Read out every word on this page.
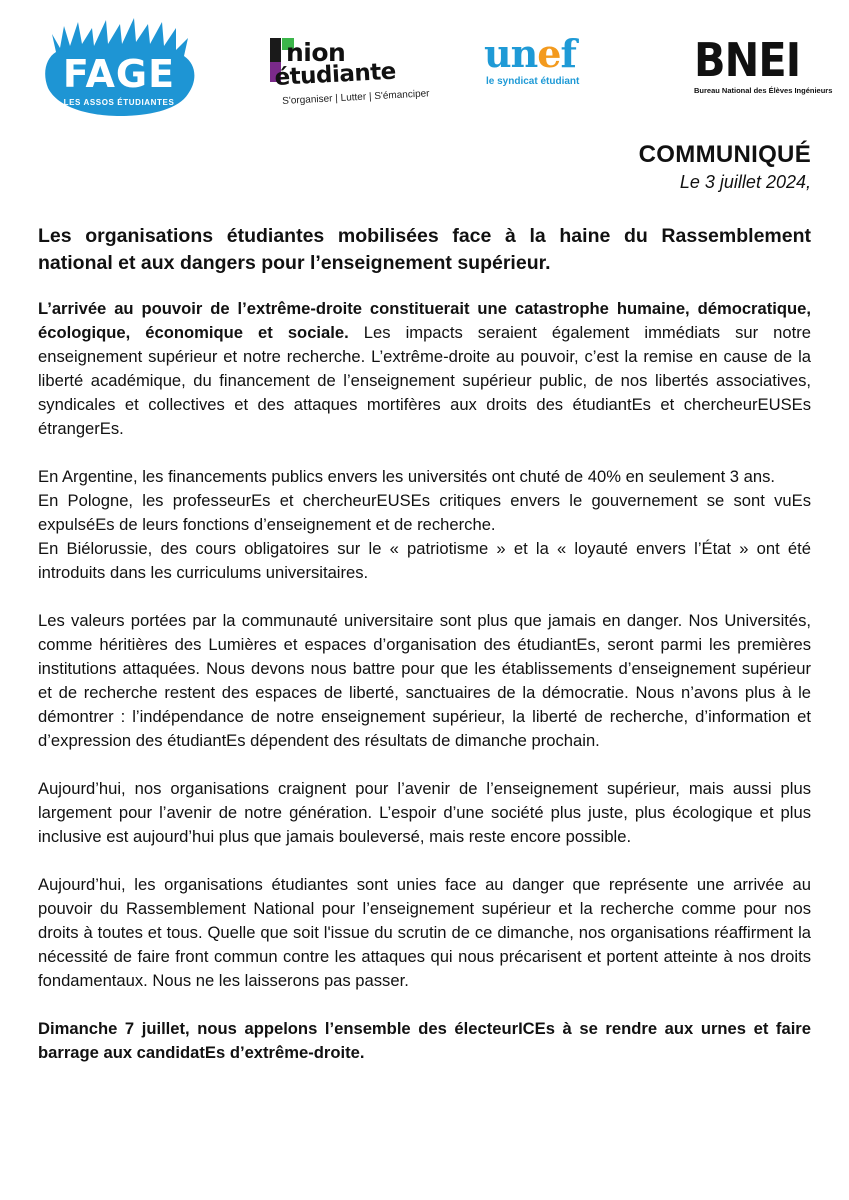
FAGE
LES ASSOS ÉTUDIANTES
nion
étudiante
S'organiser | Lutter | S'émanciper
unef
le syndicat étudiant BNEI
Bureau National des Élèves Ingénieurs
COMMUNIQUÉ
Le 3 juillet 2024,
Les organisations étudiantes mobilisées face à la haine du Rassemblement national et aux dangers pour l’enseignement supérieur.

L’arrivée au pouvoir de l’extrême-droite constituerait une catastrophe humaine, démocratique, écologique, économique et sociale. Les impacts seraient également immédiats sur notre enseignement supérieur et notre recherche. L’extrême-droite au pouvoir, c’est la remise en cause de la liberté académique, du financement de l’enseignement supérieur public, de nos libertés associatives, syndicales et collectives et des attaques mortifères aux droits des étudiantEs et chercheurEUSEs étrangerEs.

En Argentine, les financements publics envers les universités ont chuté de 40% en seulement 3 ans.

En Pologne, les professeurEs et chercheurEUSEs critiques envers le gouvernement se sont vuEs expulséEs de leurs fonctions d’enseignement et de recherche.

En Biélorussie, des cours obligatoires sur le « patriotisme » et la « loyauté envers l’État » ont été introduits dans les curriculums universitaires.

Les valeurs portées par la communauté universitaire sont plus que jamais en danger. Nos Universités, comme héritières des Lumières et espaces d’organisation des étudiantEs, seront parmi les premières institutions attaquées. Nous devons nous battre pour que les établissements d’enseignement supérieur et de recherche restent des espaces de liberté, sanctuaires de la démocratie. Nous n’avons plus à le démontrer : l’indépendance de notre enseignement supérieur, la liberté de recherche, d’information et d’expression des étudiantEs dépendent des résultats de dimanche prochain.

Aujourd’hui, nos organisations craignent pour l’avenir de l’enseignement supérieur, mais aussi plus largement pour l’avenir de notre génération. L’espoir d’une société plus juste, plus écologique et plus inclusive est aujourd’hui plus que jamais bouleversé, mais reste encore possible.

Aujourd’hui, les organisations étudiantes sont unies face au danger que représente une arrivée au pouvoir du Rassemblement National pour l’enseignement supérieur et la recherche comme pour nos droits à toutes et tous. Quelle que soit l'issue du scrutin de ce dimanche, nos organisations réaffirment la nécessité de faire front commun contre les attaques qui nous précarisent et portent atteinte à nos droits fondamentaux. Nous ne les laisserons pas passer.

Dimanche 7 juillet, nous appelons l’ensemble des électeurICEs à se rendre aux urnes et faire barrage aux candidatEs d’extrême-droite.
